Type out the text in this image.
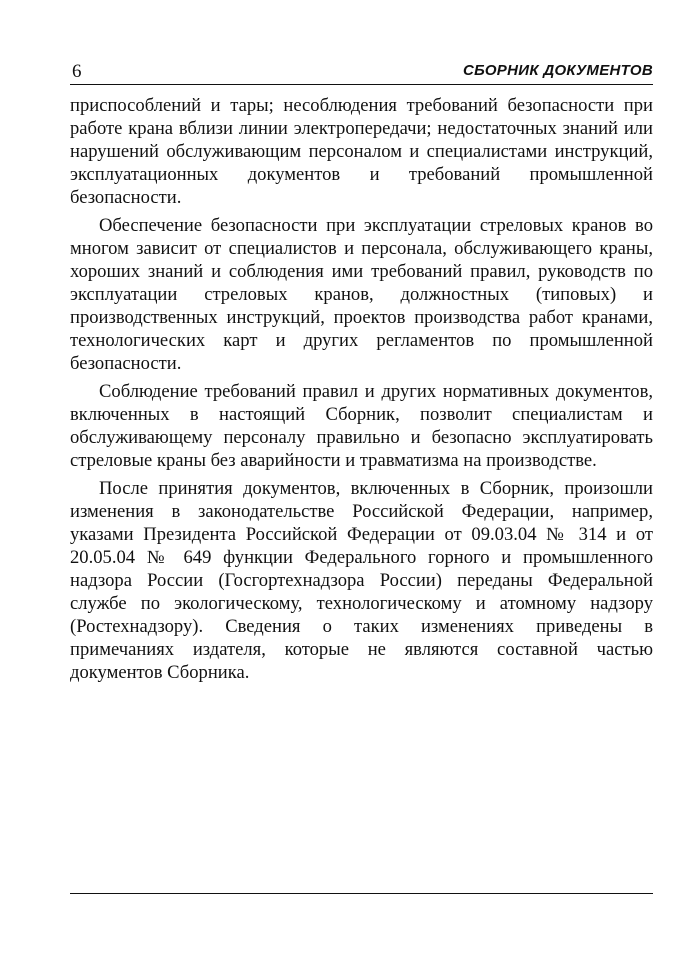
6	СБОРНИК ДОКУМЕНТОВ

приспособлений и тары; несоблюдения требований безопасности при работе крана вблизи линии электропередачи; недостаточных знаний или нарушений обслуживающим персоналом и специалистами инструкций, эксплуатационных документов и требований промышленной безопасности.

Обеспечение безопасности при эксплуатации стреловых кранов во многом зависит от специалистов и персонала, обслуживающего краны, хороших знаний и соблюдения ими требований правил, руководств по эксплуатации стреловых кранов, должностных (типовых) и производственных инструкций, проектов производства работ кранами, технологических карт и других регламентов по промышленной безопасности.

Соблюдение требований правил и других нормативных документов, включенных в настоящий Сборник, позволит специалистам и обслуживающему персоналу правильно и безопасно эксплуатировать стреловые краны без аварийности и травматизма на производстве.

После принятия документов, включенных в Сборник, произошли изменения в законодательстве Российской Федерации, например, указами Президента Российской Федерации от 09.03.04 № 314 и от 20.05.04 № 649 функции Федерального горного и промышленного надзора России (Госгортехнадзора России) переданы Федеральной службе по экологическому, технологическому и атомному надзору (Ростехнадзору). Сведения о таких изменениях приведены в примечаниях издателя, которые не являются составной частью документов Сборника.
